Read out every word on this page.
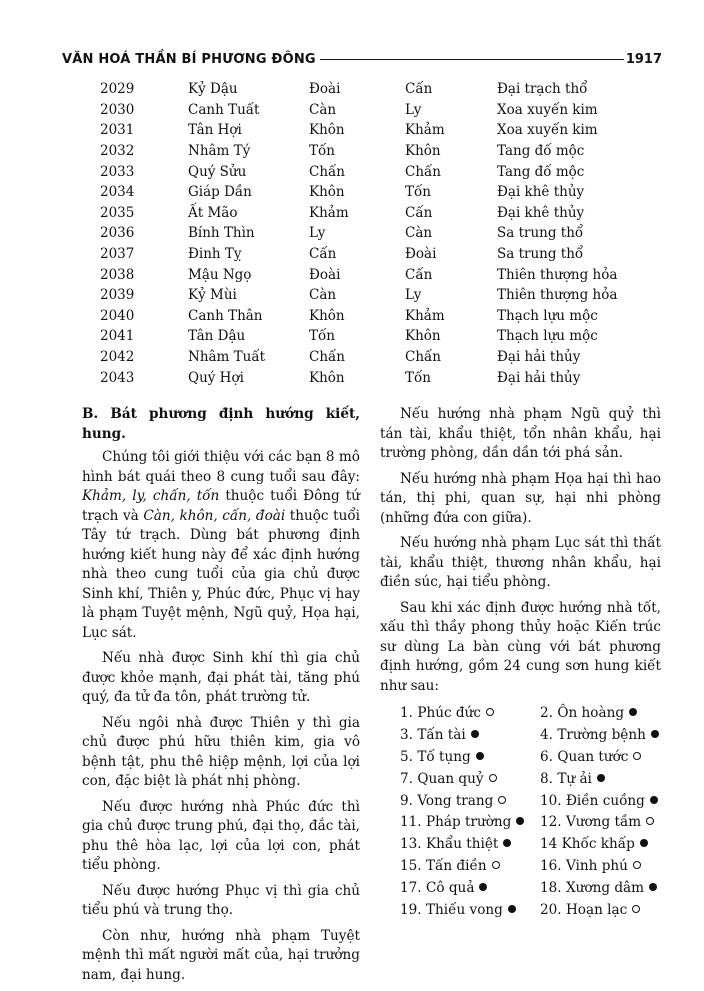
VĂN HOÁ THẦN BÍ PHƯƠNG ĐÔNG	1917
2029	Kỷ Dậu	Đoài	Cấn	Đại trạch thổ
2030	Canh Tuất	Càn	Ly	Xoa xuyến kim
2031	Tân Hợi	Khôn	Khảm	Xoa xuyến kim
2032	Nhâm Tý	Tốn	Khôn	Tang đố mộc
2033	Quý Sửu	Chấn	Chấn	Tang đố mộc
2034	Giáp Dần	Khôn	Tốn	Đại khê thủy
2035	Ất Mão	Khảm	Cấn	Đại khê thủy
2036	Bính Thìn	Ly	Càn	Sa trung thổ
2037	Đinh Tỵ	Cấn	Đoài	Sa trung thổ
2038	Mậu Ngọ	Đoài	Cấn	Thiên thượng hỏa
2039	Kỷ Mùi	Càn	Ly	Thiên thượng hỏa
2040	Canh Thân	Khôn	Khảm	Thạch lựu mộc
2041	Tân Dậu	Tốn	Khôn	Thạch lựu mộc
2042	Nhâm Tuất	Chấn	Chấn	Đại hải thủy
2043	Quý Hợi	Khôn	Tốn	Đại hải thủy

B. Bát phương định hướng kiết, hung.

Chúng tôi giới thiệu với các bạn 8 mô hình bát quái theo 8 cung tuổi sau đây: Khảm, ly, chấn, tốn thuộc tuổi Đông tứ trạch và Càn, khôn, cấn, đoài thuộc tuổi Tây tứ trạch. Dùng bát phương định hướng kiết hung này để xác định hướng nhà theo cung tuổi của gia chủ được Sinh khí, Thiên y, Phúc đức, Phục vị hay là phạm Tuyệt mệnh, Ngũ quỷ, Họa hại, Lục sát.

Nếu nhà được Sinh khí thì gia chủ được khỏe mạnh, đại phát tài, tăng phú quý, đa tử đa tôn, phát trường tử.

Nếu ngôi nhà được Thiên y thì gia chủ được phú hữu thiên kim, gia vô bệnh tật, phu thê hiệp mệnh, lợi của lợi con, đặc biệt là phát nhị phòng.

Nếu được hướng nhà Phúc đức thì gia chủ được trung phú, đại thọ, đắc tài, phu thê hòa lạc, lợi của lợi con, phát tiểu phòng.

Nếu được hướng Phục vị thì gia chủ tiểu phú và trung thọ.

Còn như, hướng nhà phạm Tuyệt mệnh thì mất người mất của, hại trưởng nam, đại hung.

Nếu hướng nhà phạm Ngũ quỷ thì tán tài, khẩu thiệt, tổn nhân khẩu, hại trường phòng, dần dần tới phá sản.

Nếu hướng nhà phạm Họa hại thì hao tán, thị phi, quan sự, hại nhi phòng (những đứa con giữa).

Nếu hướng nhà phạm Lục sát thì thất tài, khẩu thiệt, thương nhân khẩu, hại điền súc, hại tiểu phòng.

Sau khi xác định được hướng nhà tốt, xấu thì thầy phong thủy hoặc Kiến trúc sư dùng La bàn cùng với bát phương định hướng, gồm 24 cung sơn hung kiết như sau:

1. Phúc đức	2. Ôn hoàng
3. Tấn tài	4. Trường bệnh
5. Tố tụng	6. Quan tước
7. Quan quỷ	8. Tự ải
9. Vong trang	10. Điền cuồng
11. Pháp trường	12. Vương tầm
13. Khẩu thiệt	14 Khốc khấp
15. Tấn điền	16. Vinh phú
17. Cô quả	18. Xương dâm
19. Thiếu vong	20. Hoạn lạc
